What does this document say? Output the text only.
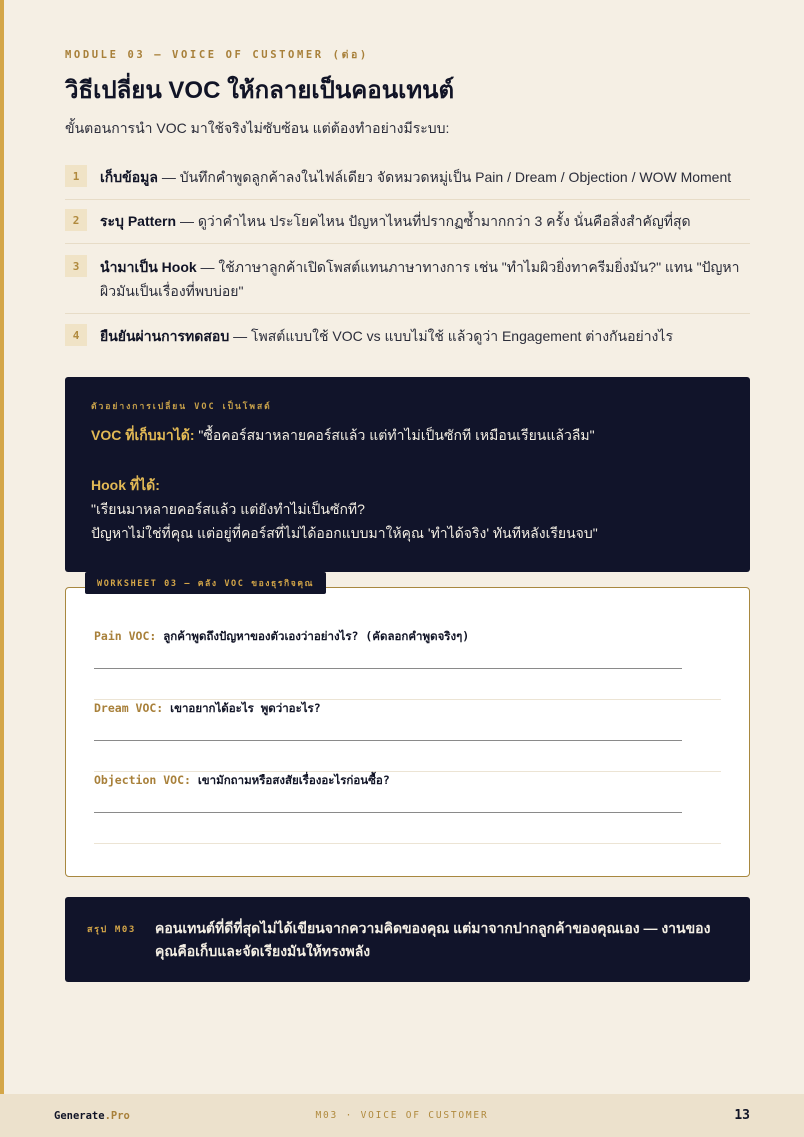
MODULE 03 — VOICE OF CUSTOMER (ต่อ)
วิธีเปลี่ยน VOC ให้กลายเป็นคอนเทนต์

ขั้นตอนการนำ VOC มาใช้จริงไม่ซับซ้อน แต่ต้องทำอย่างมีระบบ:

1	เก็บข้อมูล — บันทึกคำพูดลูกค้าลงในไฟล์เดียว จัดหมวดหมู่เป็น Pain / Dream / Objection / WOW Moment
2	ระบุ Pattern — ดูว่าคำไหน ประโยคไหน ปัญหาไหนที่ปรากฏซ้ำมากกว่า 3 ครั้ง นั่นคือสิ่งสำคัญที่สุด
3	นำมาเป็น Hook — ใช้ภาษาลูกค้าเปิดโพสต์แทนภาษาทางการ เช่น "ทำไมผิวยิ่งทาครีมยิ่งมัน?" แทน "ปัญหาผิวมันเป็นเรื่องที่พบบ่อย"
4	ยืนยันผ่านการทดสอบ — โพสต์แบบใช้ VOC vs แบบไม่ใช้ แล้วดูว่า Engagement ต่างกันอย่างไร
ตัวอย่างการเปลี่ยน VOC เป็นโพสต์
VOC ที่เก็บมาได้: "ซื้อคอร์สมาหลายคอร์สแล้ว แต่ทำไม่เป็นซักที เหมือนเรียนแล้วลืม"
Hook ที่ได้:
"เรียนมาหลายคอร์สแล้ว แต่ยังทำไม่เป็นซักที?
ปัญหาไม่ใช่ที่คุณ แต่อยู่ที่คอร์สที่ไม่ได้ออกแบบมาให้คุณ 'ทำได้จริง' ทันทีหลังเรียนจบ"
WORKSHEET 03 — คลัง VOC ของธุรกิจคุณ
Pain VOC: ลูกค้าพูดถึงปัญหาของตัวเองว่าอย่างไร? (คัดลอกคำพูดจริงๆ)
Dream VOC: เขาอยากได้อะไร พูดว่าอะไร?
Objection VOC: เขามักถามหรือสงสัยเรื่องอะไรก่อนซื้อ?
สรุป M03	คอนเทนต์ที่ดีที่สุดไม่ได้เขียนจากความคิดของคุณ แต่มาจากปากลูกค้าของคุณเอง — งานของคุณคือเก็บและจัดเรียงมันให้ทรงพลัง
Generate.Pro	M03 · VOICE OF CUSTOMER	13
